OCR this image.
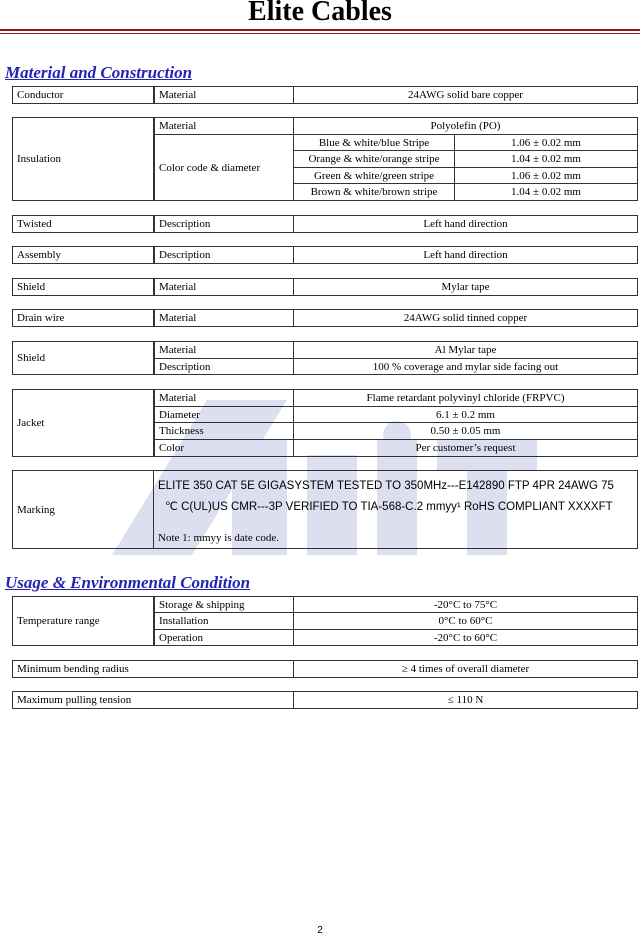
Elite Cables
Material and Construction
Conductor	Material	24AWG solid bare copper
Insulation
Material	Polyolefin (PO)
Color code & diameter
Blue & white/blue Stripe	1.06 ± 0.02 mm
Orange & white/orange stripe	1.04 ± 0.02 mm
Green & white/green stripe	1.06 ± 0.02 mm
Brown & white/brown stripe	1.04 ± 0.02 mm
Twisted	Description	Left hand direction
Assembly	Description	Left hand direction
Shield	Material	Mylar tape
Drain wire	Material	24AWG solid tinned copper
Shield
Material	Al Mylar tape
Description	100 % coverage and mylar side facing out
Jacket
Material	Flame retardant polyvinyl chloride (FRPVC)
Diameter	6.1 ± 0.2 mm
Thickness	0.50 ± 0.05 mm
Color	Per customer’s request
Marking
ELITE 350 CAT 5E GIGASYSTEM TESTED TO 350MHz---E142890 FTP 4PR 24AWG 75
℃ C(UL)US CMR---3P VERIFIED TO TIA-568-C.2 mmyy¹ RoHS COMPLIANT XXXXFT
Note 1: mmyy is date code.
Usage & Environmental Condition
Temperature range
Storage & shipping	-20°C to 75°C
Installation	0°C to 60°C
Operation	-20°C to 60°C
Minimum bending radius	≥ 4 times of overall diameter
Maximum pulling tension	≤ 110 N
2
